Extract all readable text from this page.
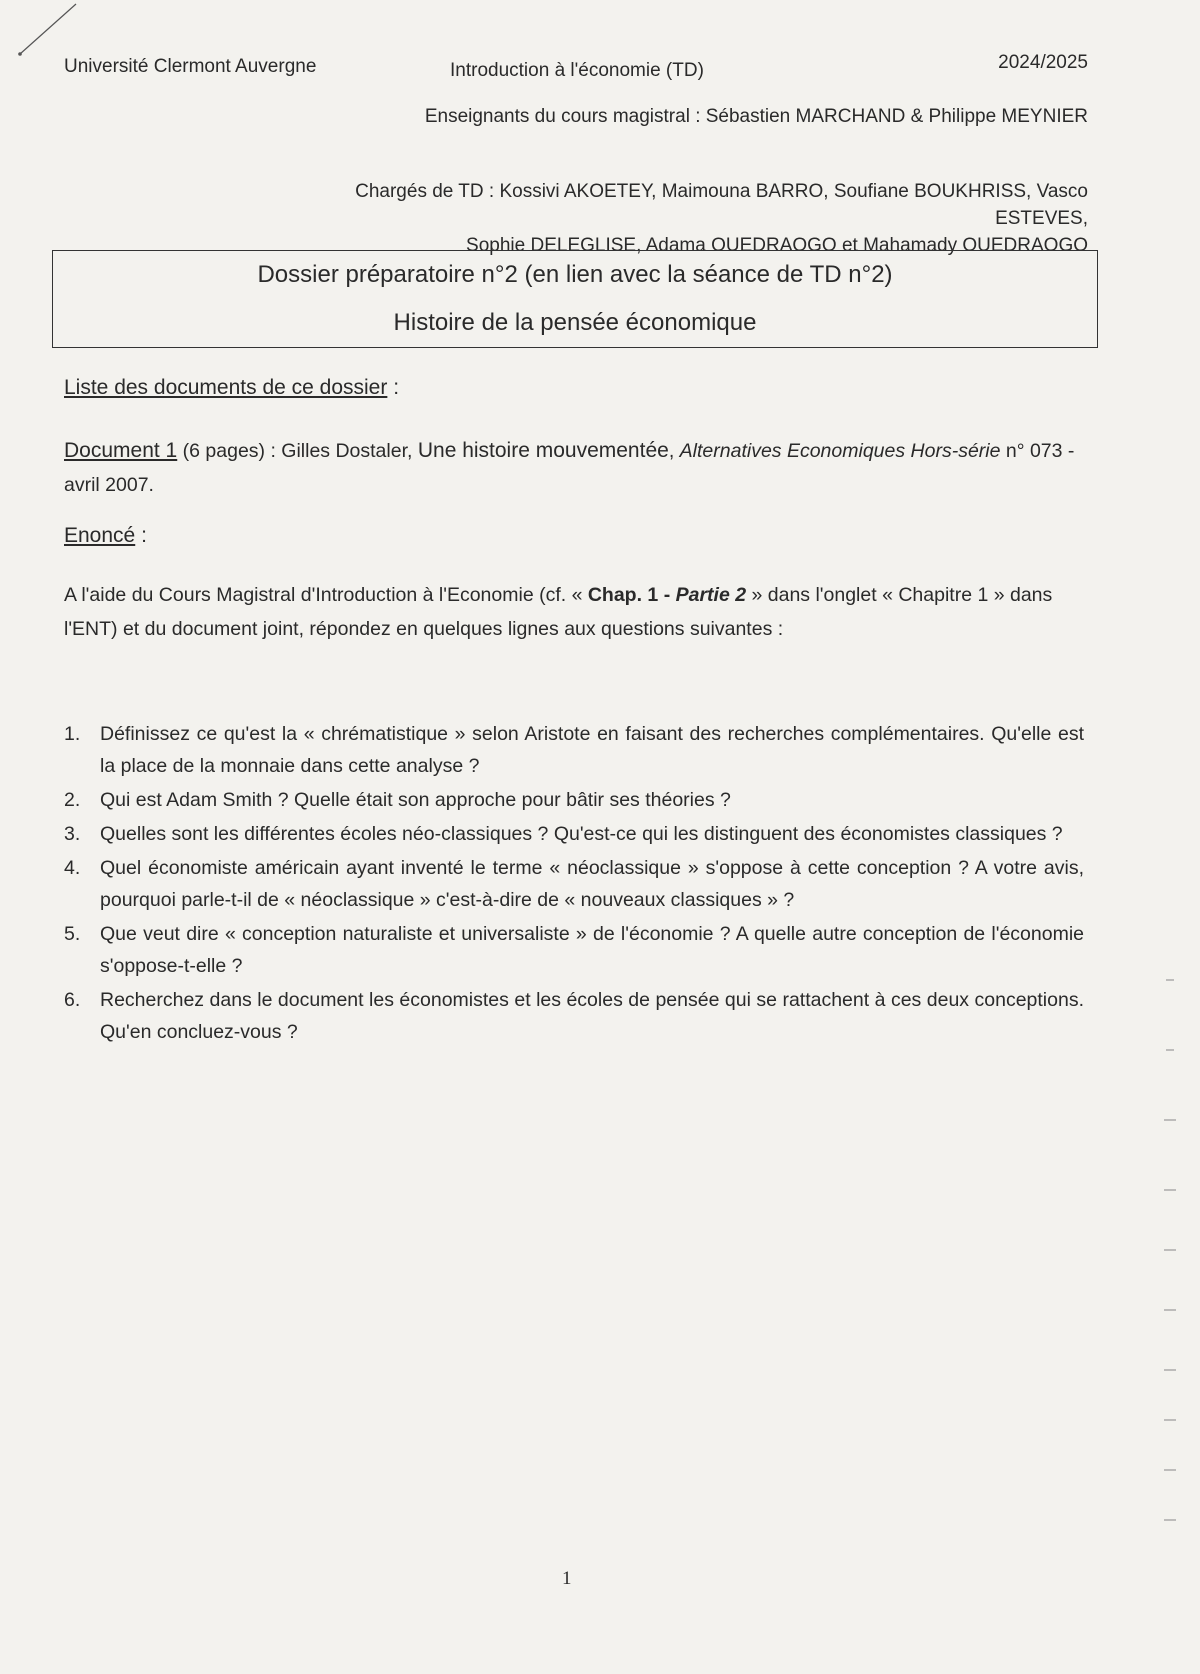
Université Clermont Auvergne	Introduction à l'économie (TD)	2024/2025
Enseignants du cours magistral : Sébastien MARCHAND & Philippe MEYNIER
Chargés de TD : Kossivi AKOETEY, Maimouna BARRO, Soufiane BOUKHRISS, Vasco ESTEVES,
Sophie DELEGLISE, Adama OUEDRAOGO et Mahamady OUEDRAOGO
Dossier préparatoire n°2 (en lien avec la séance de TD n°2)
Histoire de la pensée économique
Liste des documents de ce dossier :
Document 1 (6 pages) : Gilles Dostaler, Une histoire mouvementée, Alternatives Economiques Hors-série n° 073 - avril 2007.
Enoncé :
A l'aide du Cours Magistral d'Introduction à l'Economie (cf. « Chap. 1 - Partie 2 » dans l'onglet « Chapitre 1 » dans l'ENT) et du document joint, répondez en quelques lignes aux questions suivantes :
1. Définissez ce qu'est la « chrématistique » selon Aristote en faisant des recherches complémentaires. Qu'elle est la place de la monnaie dans cette analyse ?
2. Qui est Adam Smith ? Quelle était son approche pour bâtir ses théories ?
3. Quelles sont les différentes écoles néo-classiques ? Qu'est-ce qui les distinguent des économistes classiques ?
4. Quel économiste américain ayant inventé le terme « néoclassique » s'oppose à cette conception ? A votre avis, pourquoi parle-t-il de « néoclassique » c'est-à-dire de « nouveaux classiques » ?
5. Que veut dire « conception naturaliste et universaliste » de l'économie ? A quelle autre conception de l'économie s'oppose-t-elle ?
6. Recherchez dans le document les économistes et les écoles de pensée qui se rattachent à ces deux conceptions. Qu'en concluez-vous ?
1
